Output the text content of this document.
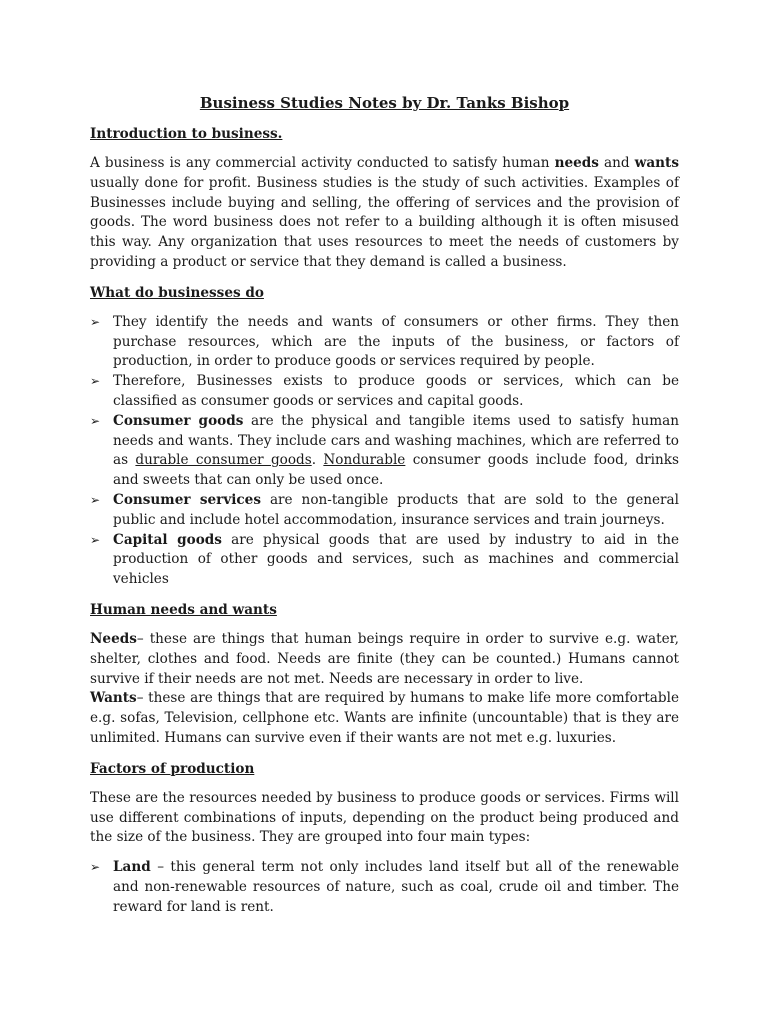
Business Studies Notes by Dr. Tanks Bishop
Introduction to business.

A business is any commercial activity conducted to satisfy human needs and wants usually done for profit. Business studies is the study of such activities. Examples of Businesses include buying and selling, the offering of services and the provision of goods. The word business does not refer to a building although it is often misused this way. Any organization that uses resources to meet the needs of customers by providing a product or service that they demand is called a business.

What do businesses do
➢ They identify the needs and wants of consumers or other firms. They then purchase resources, which are the inputs of the business, or factors of production, in order to produce goods or services required by people.
➢ Therefore, Businesses exists to produce goods or services, which can be classified as consumer goods or services and capital goods.
➢ Consumer goods are the physical and tangible items used to satisfy human needs and wants. They include cars and washing machines, which are referred to as durable consumer goods. Nondurable consumer goods include food, drinks and sweets that can only be used once.
➢ Consumer services are non-tangible products that are sold to the general public and include hotel accommodation, insurance services and train journeys.
➢ Capital goods are physical goods that are used by industry to aid in the production of other goods and services, such as machines and commercial vehicles
Human needs and wants

Needs– these are things that human beings require in order to survive e.g. water, shelter, clothes and food. Needs are finite (they can be counted.) Humans cannot survive if their needs are not met. Needs are necessary in order to live.

Wants– these are things that are required by humans to make life more comfortable e.g. sofas, Television, cellphone etc. Wants are infinite (uncountable) that is they are unlimited. Humans can survive even if their wants are not met e.g. luxuries.

Factors of production

These are the resources needed by business to produce goods or services. Firms will use different combinations of inputs, depending on the product being produced and the size of the business. They are grouped into four main types:

➢ Land – this general term not only includes land itself but all of the renewable and non-renewable resources of nature, such as coal, crude oil and timber. The reward for land is rent.
